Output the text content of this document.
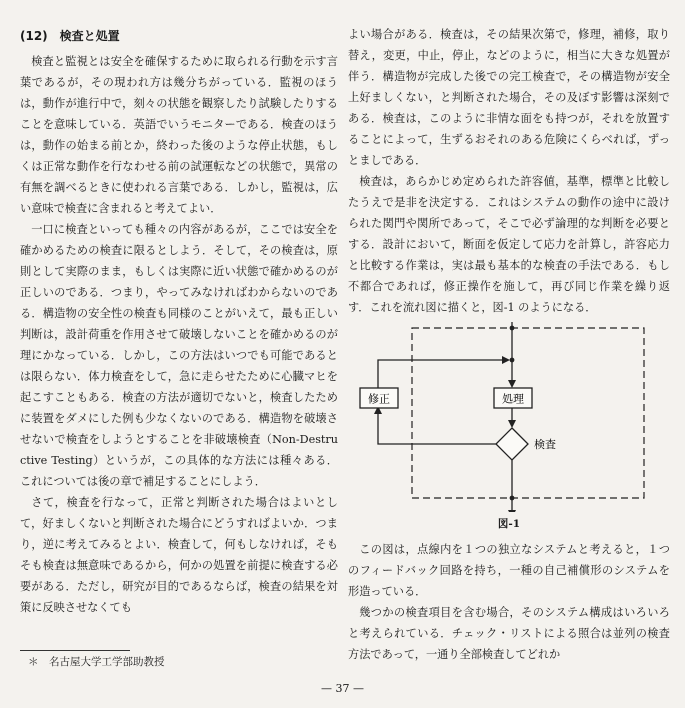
(12)　検査と処置

検査と監視とは安全を確保するために取られる行動を示す言葉であるが，その現われ方は幾分ちがっている．監視のほうは，動作が進行中で，刻々の状態を観察したり試験したりすることを意味している．英語でいうモニターである．検査のほうは，動作の始まる前とか，終わった後のような停止状態，もしくは正常な動作を行なわせる前の試運転などの状態で，異常の有無を調べるときに使われる言葉である．しかし，監視は，広い意味で検査に含まれると考えてよい．

一口に検査といっても種々の内容があるが，ここでは安全を確かめるための検査に限るとしよう．そして，その検査は，原則として実際のまま，もしくは実際に近い状態で確かめるのが正しいのである．つまり，やってみなければわからないのである．構造物の安全性の検査も同様のことがいえて，最も正しい判断は，設計荷重を作用させて破壊しないことを確かめるのが理にかなっている．しかし，この方法はいつでも可能であるとは限らない．体力検査をして，急に走らせたために心臓マヒを起こすこともある．検査の方法が適切でないと，検査したために装置をダメにした例も少なくないのである．構造物を破壊させないで検査をしようとすることを非破壊検査（Non-Destructive Testing）というが，この具体的な方法には種々ある．これについては後の章で補足することにしよう．

さて，検査を行なって，正常と判断された場合はよいとして，好ましくないと判断された場合にどうすればよいか．つまり，逆に考えてみるとよい．検査して，何もしなければ，そもそも検査は無意味であるから，何かの処置を前提に検査する必要がある．ただし，研究が目的であるならば，検査の結果を対策に反映させなくても

よい場合がある．検査は，その結果次第で，修理，補修，取り替え，変更，中止，停止，などのように，相当に大きな処置が伴う．構造物が完成した後での完工検査で，その構造物が安全上好ましくない，と判断された場合，その及ぼす影響は深刻である．検査は，このように非情な面をも持つが，それを放置することによって，生ずるおそれのある危険にくらべれば，ずっとましである．

検査は，あらかじめ定められた許容値，基準，標準と比較したうえで是非を決定する．これはシステムの動作の途中に設けられた関門や関所であって，そこで必ず論理的な判断を必要とする．設計において，断面を仮定して応力を計算し，許容応力と比較する作業は，実は最も基本的な検査の手法である．もし不都合であれば，修正操作を施して，再び同じ作業を繰り返す．これを流れ図に描くと，図-1 のようになる．

処理
検査
修正
図-1

この図は，点線内を１つの独立なシステムと考えると，１つのフィードバック回路を持ち，一種の自己補償形のシステムを形造っている．

幾つかの検査項目を含む場合，そのシステム構成はいろいろと考えられている．チェック・リストによる照合は並列の検査方法であって，一通り全部検査してどれか

＊　名古屋大学工学部助教授
— 37 —
